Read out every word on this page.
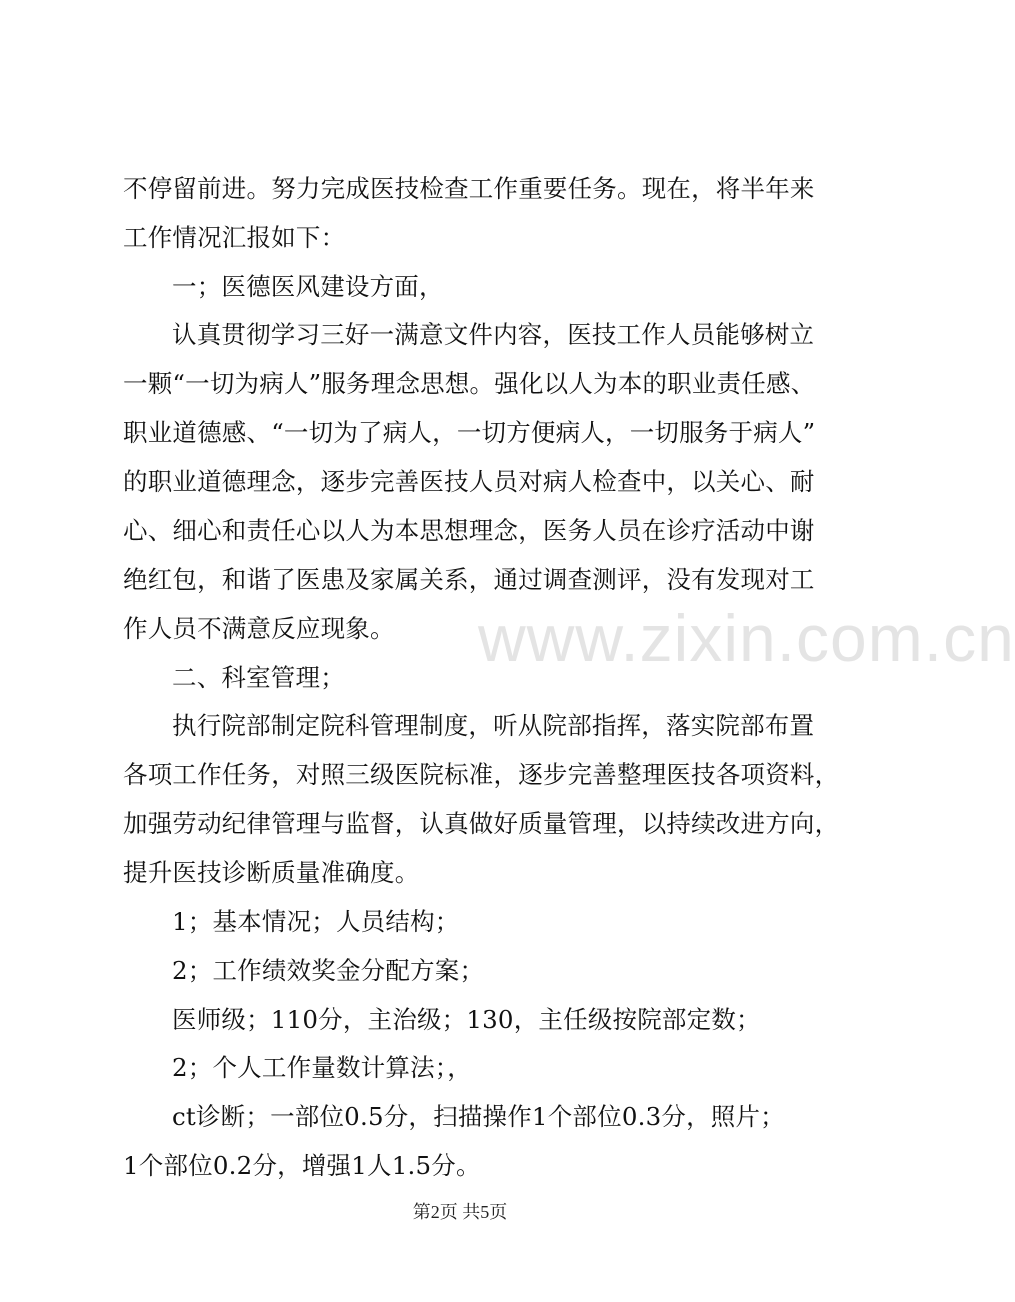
www.zixin.com.cn
不停留前进。努力完成医技检查工作重要任务。现在，将半年来
工作情况汇报如下：
一；医德医风建设方面，
认真贯彻学习三好一满意文件内容，医技工作人员能够树立
一颗“一切为病人”服务理念思想。强化以人为本的职业责任感、
职业道德感、“一切为了病人，一切方便病人，一切服务于病人”
的职业道德理念，逐步完善医技人员对病人检查中，以关心、耐
心、细心和责任心以人为本思想理念，医务人员在诊疗活动中谢
绝红包，和谐了医患及家属关系，通过调查测评，没有发现对工
作人员不满意反应现象。
二、科室管理；
执行院部制定院科管理制度，听从院部指挥，落实院部布置
各项工作任务，对照三级医院标准，逐步完善整理医技各项资料，
加强劳动纪律管理与监督，认真做好质量管理，以持续改进方向，
提升医技诊断质量准确度。
1；基本情况；人员结构；
2；工作绩效奖金分配方案；
医师级；110分，主治级；130，主任级按院部定数；
2；个人工作量数计算法；，
ct诊断；一部位0.5分，扫描操作1个部位0.3分，照片；
1个部位0.2分，增强1人1.5分。
第2页 共5页
